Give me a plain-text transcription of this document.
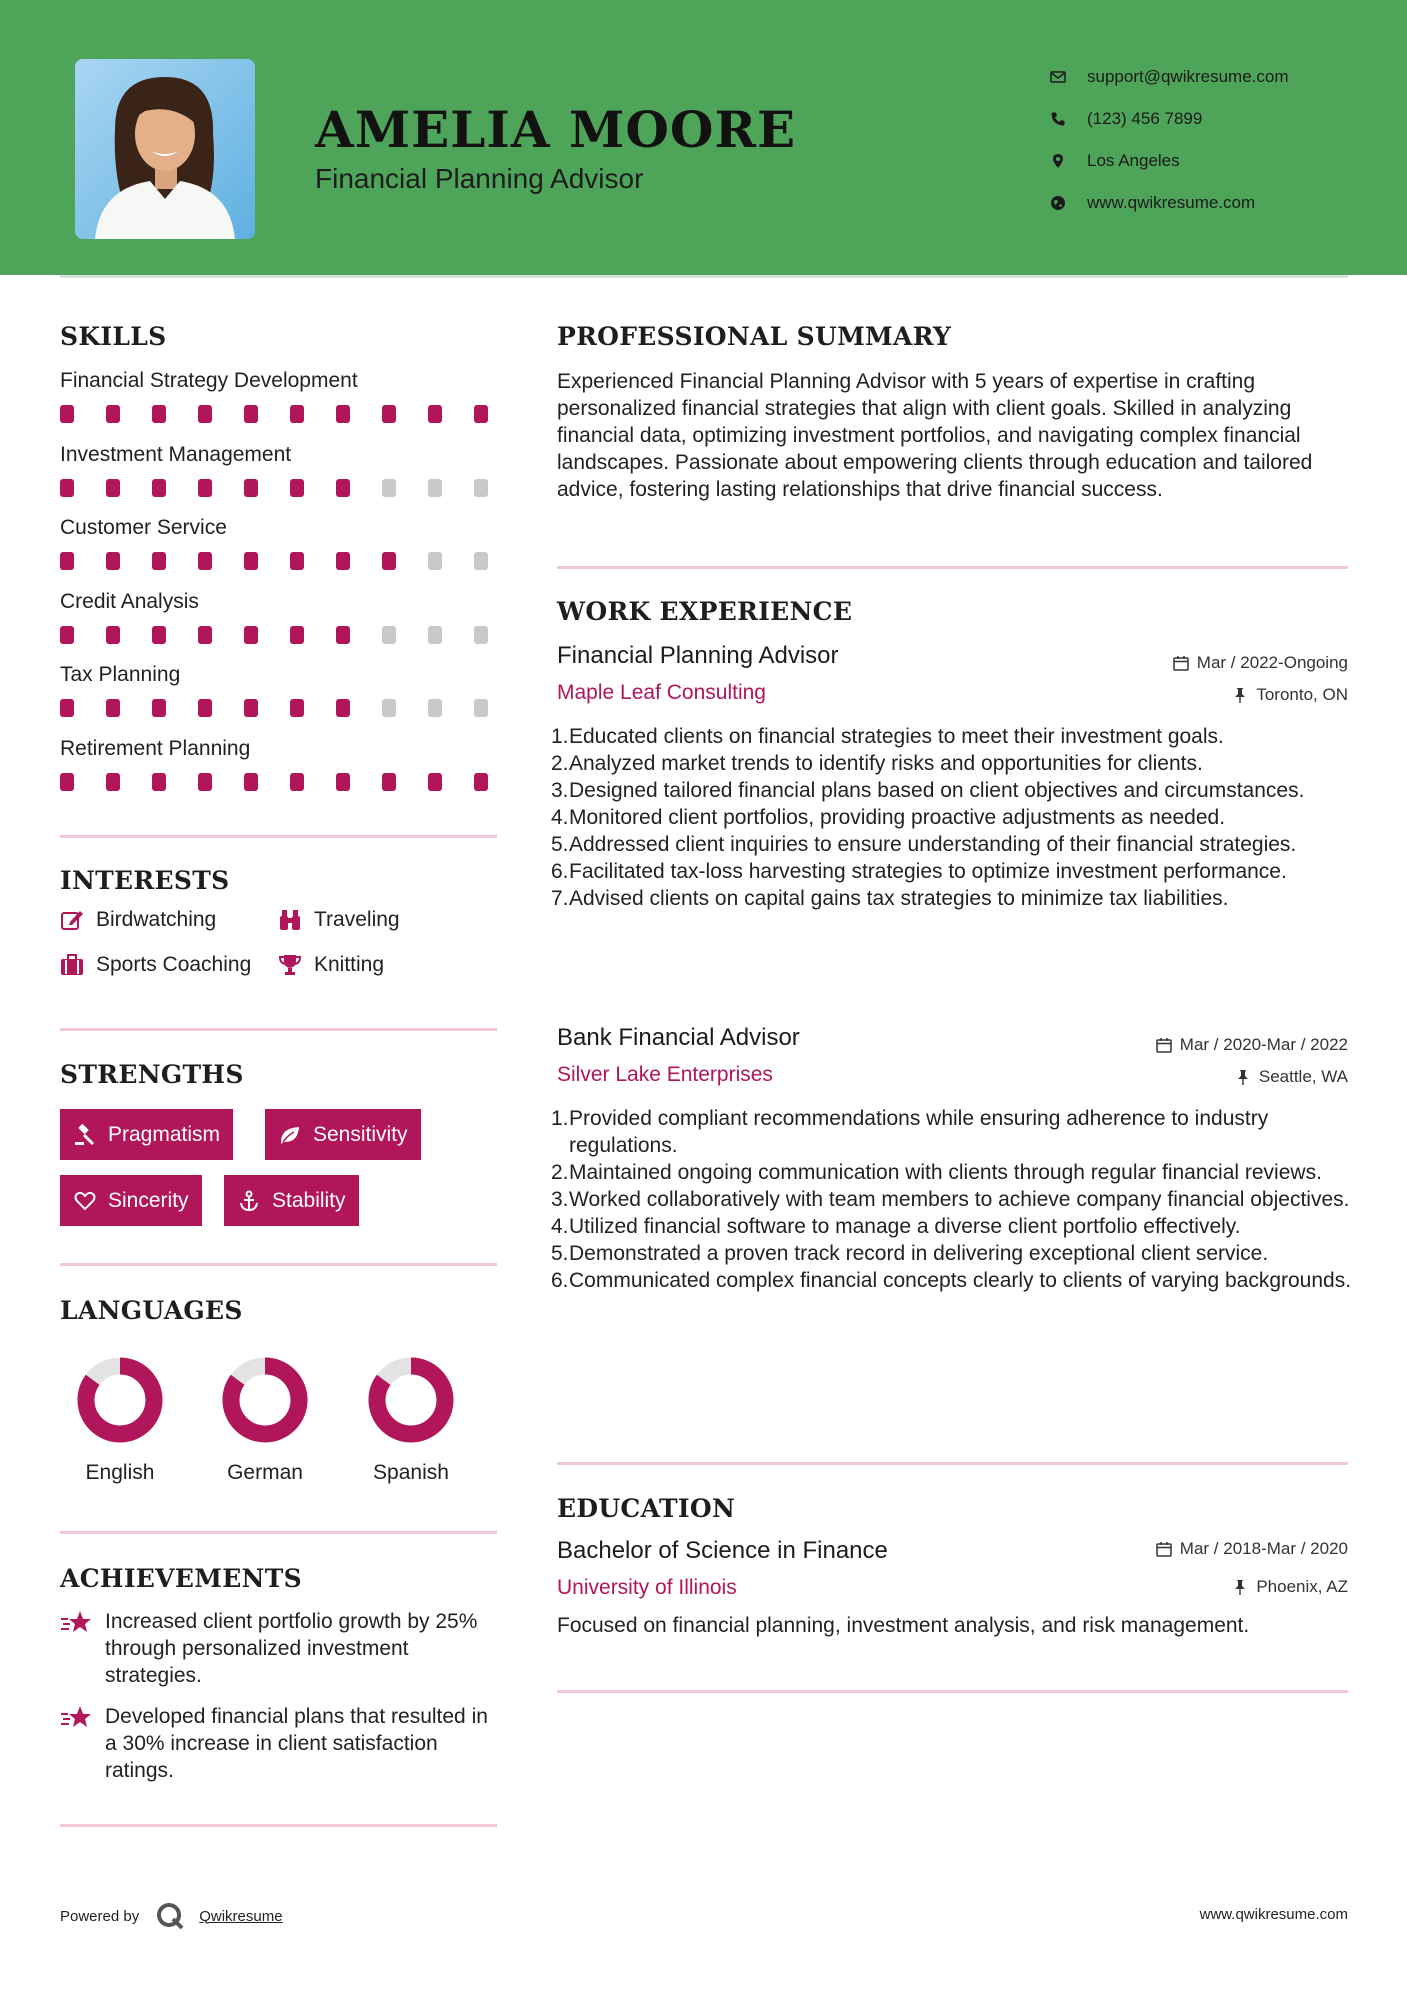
AMELIA MOORE
Financial Planning Advisor
support@qwikresume.com
(123) 456 7899
Los Angeles
www.qwikresume.com
SKILLS
Financial Strategy Development
Investment Management
Customer Service
Credit Analysis
Tax Planning
Retirement Planning
INTERESTS
Birdwatching	Traveling
Sports Coaching	Knitting
STRENGTHS
Pragmatism	Sensitivity
Sincerity	Stability
LANGUAGES
English	German	Spanish
ACHIEVEMENTS
Increased client portfolio growth by 25% through personalized investment strategies.
Developed financial plans that resulted in a 30% increase in client satisfaction ratings.
PROFESSIONAL SUMMARY
Experienced Financial Planning Advisor with 5 years of expertise in crafting personalized financial strategies that align with client goals. Skilled in analyzing financial data, optimizing investment portfolios, and navigating complex financial landscapes. Passionate about empowering clients through education and tailored advice, fostering lasting relationships that drive financial success.
WORK EXPERIENCE
Financial Planning Advisor	Mar / 2022-Ongoing
Maple Leaf Consulting	Toronto, ON
1. Educated clients on financial strategies to meet their investment goals.
2. Analyzed market trends to identify risks and opportunities for clients.
3. Designed tailored financial plans based on client objectives and circumstances.
4. Monitored client portfolios, providing proactive adjustments as needed.
5. Addressed client inquiries to ensure understanding of their financial strategies.
6. Facilitated tax-loss harvesting strategies to optimize investment performance.
7. Advised clients on capital gains tax strategies to minimize tax liabilities.
Bank Financial Advisor	Mar / 2020-Mar / 2022
Silver Lake Enterprises	Seattle, WA
1. Provided compliant recommendations while ensuring adherence to industry regulations.
2. Maintained ongoing communication with clients through regular financial reviews.
3. Worked collaboratively with team members to achieve company financial objectives.
4. Utilized financial software to manage a diverse client portfolio effectively.
5. Demonstrated a proven track record in delivering exceptional client service.
6. Communicated complex financial concepts clearly to clients of varying backgrounds.
EDUCATION
Bachelor of Science in Finance	Mar / 2018-Mar / 2020
University of Illinois	Phoenix, AZ
Focused on financial planning, investment analysis, and risk management.
Powered by	Qwikresume	www.qwikresume.com
